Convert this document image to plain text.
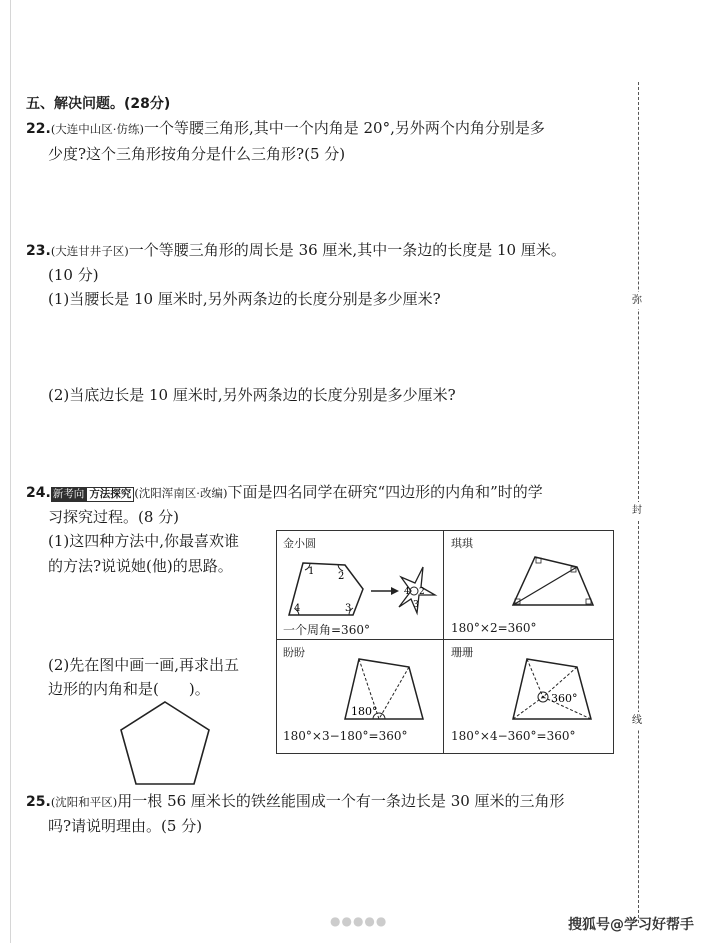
弥
封
线
五、解决问题。(28分)
22.(大连中山区·仿练)一个等腰三角形,其中一个内角是 20°,另外两个内角分别是多
少度?这个三角形按角分是什么三角形?(5 分)
23.(大连甘井子区)一个等腰三角形的周长是 36 厘米,其中一条边的长度是 10 厘米。
(10 分)
(1)当腰长是 10 厘米时,另外两条边的长度分别是多少厘米?
(2)当底边长是 10 厘米时,另外两条边的长度分别是多少厘米?
24. 新考向 方法探究 (沈阳浑南区·改编)下面是四名同学在研究“四边形的内角和”时的学
习探究过程。(8 分)
(1)这四种方法中,你最喜欢谁
的方法?说说她(他)的思路。
(2)先在图中画一画,再求出五
边形的内角和是(　　)。
金小圆
1 2
3
4
4 2
3
一个周角=360°
琪琪
180°×2=360°
盼盼
180°
180°×3−180°=360°
珊珊
360°
180°×4−360°=360°
25.(沈阳和平区)用一根 56 厘米长的铁丝能围成一个有一条边长是 30 厘米的三角形
吗?请说明理由。(5 分)
●●●●●	搜狐号@学习好帮手
